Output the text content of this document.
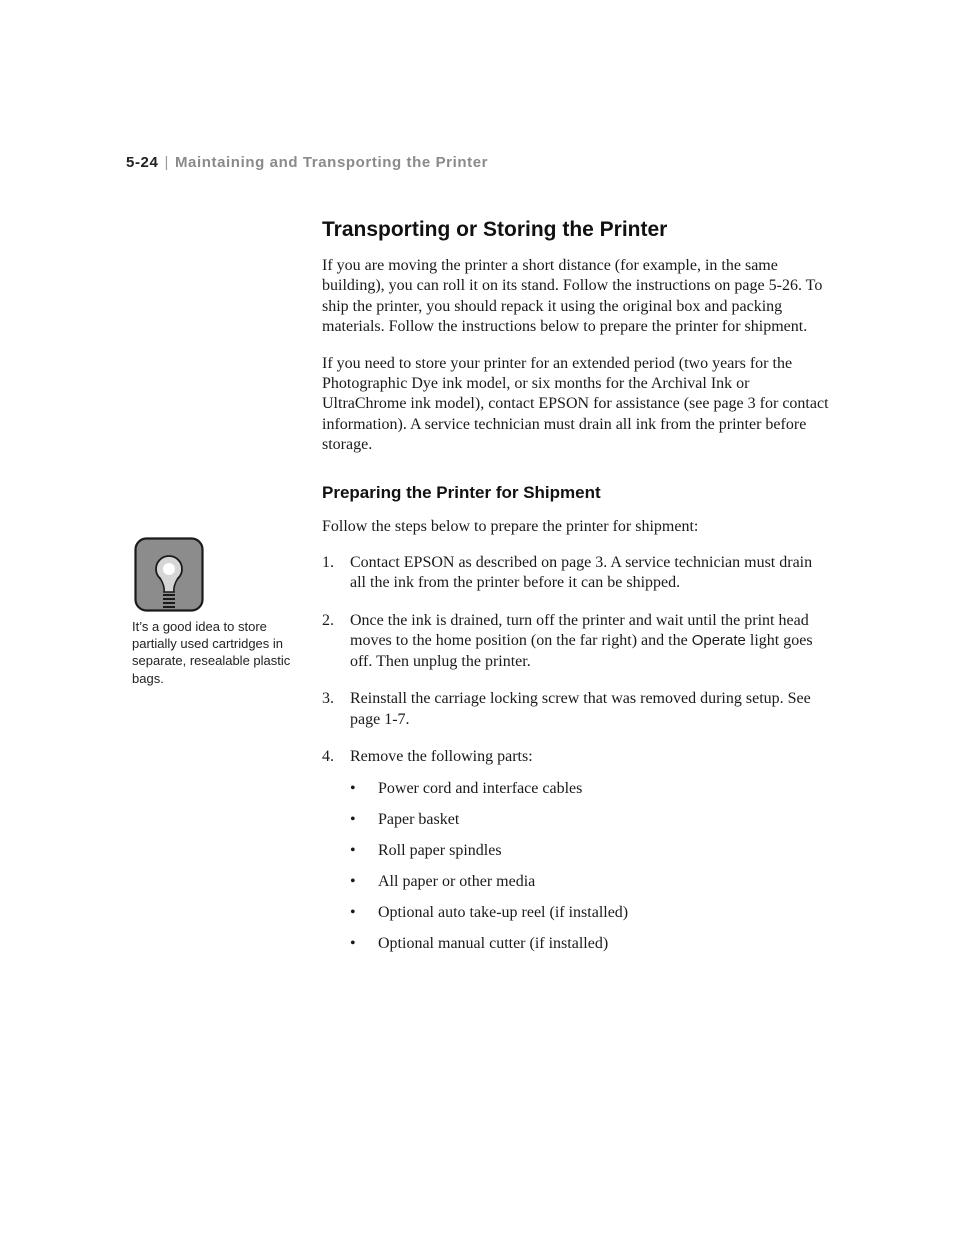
5-24 | Maintaining and Transporting the Printer
Transporting or Storing the Printer

If you are moving the printer a short distance (for example, in the same building), you can roll it on its stand. Follow the instructions on page 5-26. To ship the printer, you should repack it using the original box and packing materials. Follow the instructions below to prepare the printer for shipment.

If you need to store your printer for an extended period (two years for the Photographic Dye ink model, or six months for the Archival Ink or UltraChrome ink model), contact EPSON for assistance (see page 3 for contact information). A service technician must drain all ink from the printer before storage.

Preparing the Printer for Shipment

Follow the steps below to prepare the printer for shipment:

1. Contact EPSON as described on page 3. A service technician must drain all the ink from the printer before it can be shipped.
2. Once the ink is drained, turn off the printer and wait until the print head moves to the home position (on the far right) and the Operate light goes off. Then unplug the printer.
3. Reinstall the carriage locking screw that was removed during setup. See page 1-7.
4. Remove the following parts:
• Power cord and interface cables
• Paper basket
• Roll paper spindles
• All paper or other media
• Optional auto take-up reel (if installed)
• Optional manual cutter (if installed)
It’s a good idea to store partially used cartridges in separate, resealable plastic bags.
